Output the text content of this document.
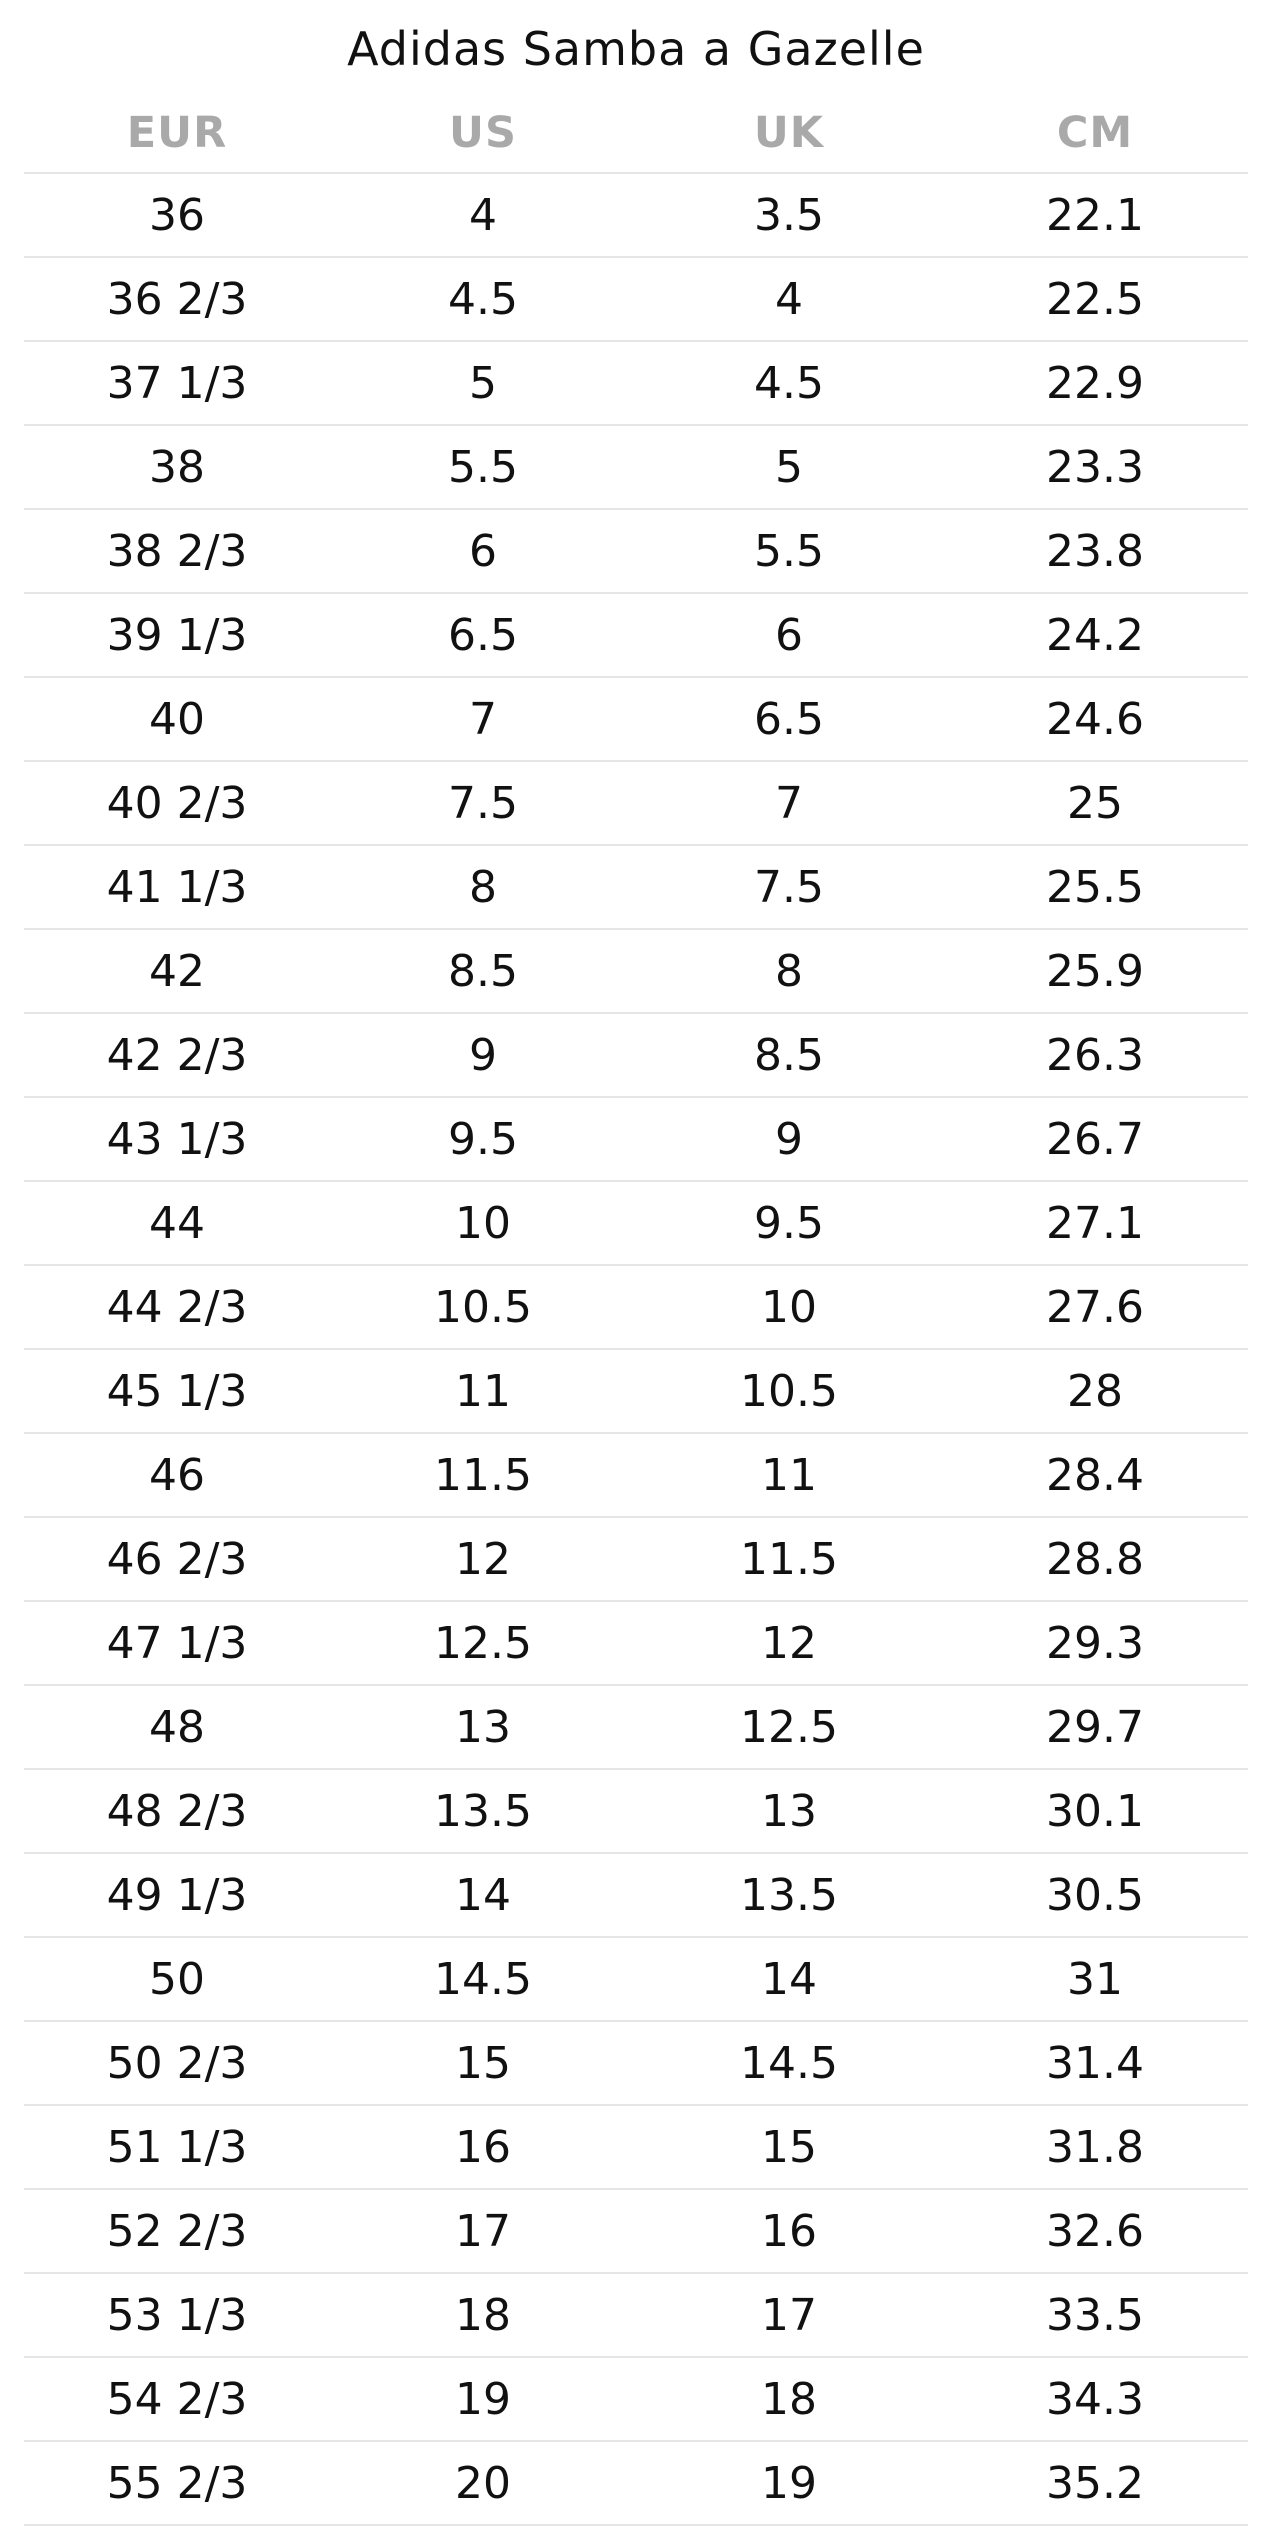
Adidas Samba a Gazelle
EUR	US	UK	CM
36	4	3.5	22.1
36 2/3	4.5	4	22.5
37 1/3	5	4.5	22.9
38	5.5	5	23.3
38 2/3	6	5.5	23.8
39 1/3	6.5	6	24.2
40	7	6.5	24.6
40 2/3	7.5	7	25
41 1/3	8	7.5	25.5
42	8.5	8	25.9
42 2/3	9	8.5	26.3
43 1/3	9.5	9	26.7
44	10	9.5	27.1
44 2/3	10.5	10	27.6
45 1/3	11	10.5	28
46	11.5	11	28.4
46 2/3	12	11.5	28.8
47 1/3	12.5	12	29.3
48	13	12.5	29.7
48 2/3	13.5	13	30.1
49 1/3	14	13.5	30.5
50	14.5	14	31
50 2/3	15	14.5	31.4
51 1/3	16	15	31.8
52 2/3	17	16	32.6
53 1/3	18	17	33.5
54 2/3	19	18	34.3
55 2/3	20	19	35.2
